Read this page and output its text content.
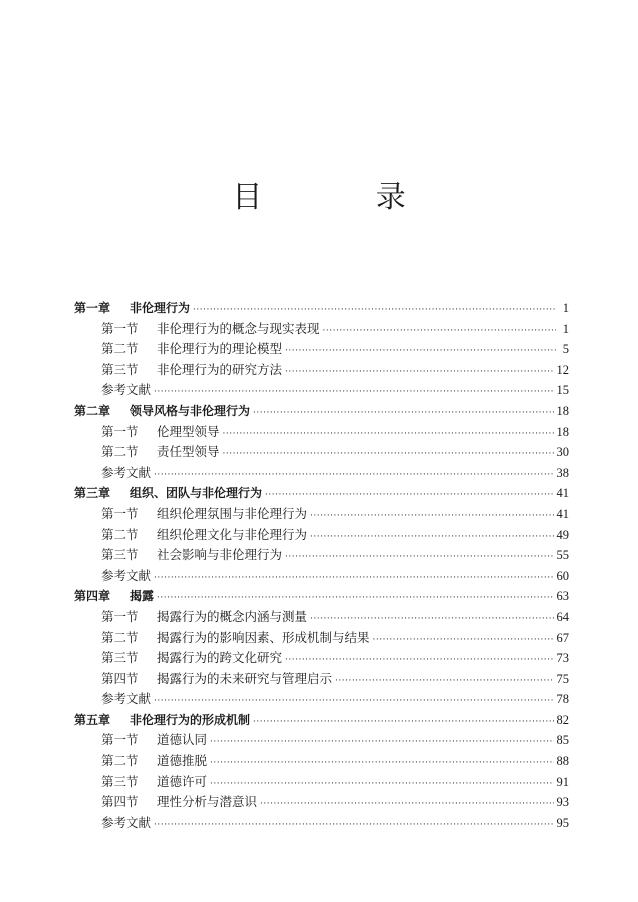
目 录
第一章	非伦理行为 ·····	1
第一节	非伦理行为的概念与现实表现 ·····	1
第二节	非伦理行为的理论模型 ·····	5
第三节	非伦理行为的研究方法 ·····	12
参考文献 ·····	15
第二章	领导风格与非伦理行为 ·····	18
第一节	伦理型领导 ·····	18
第二节	责任型领导 ·····	30
参考文献 ·····	38
第三章	组织、团队与非伦理行为 ·····	41
第一节	组织伦理氛围与非伦理行为 ·····	41
第二节	组织伦理文化与非伦理行为 ·····	49
第三节	社会影响与非伦理行为 ·····	55
参考文献 ·····	60
第四章	揭露 ·····	63
第一节	揭露行为的概念内涵与测量 ·····	64
第二节	揭露行为的影响因素、形成机制与结果 ·····	67
第三节	揭露行为的跨文化研究 ·····	73
第四节	揭露行为的未来研究与管理启示 ·····	75
参考文献 ·····	78
第五章	非伦理行为的形成机制 ·····	82
第一节	道德认同 ·····	85
第二节	道德推脱 ·····	88
第三节	道德许可 ·····	91
第四节	理性分析与潜意识 ·····	93
参考文献 ·····	95
